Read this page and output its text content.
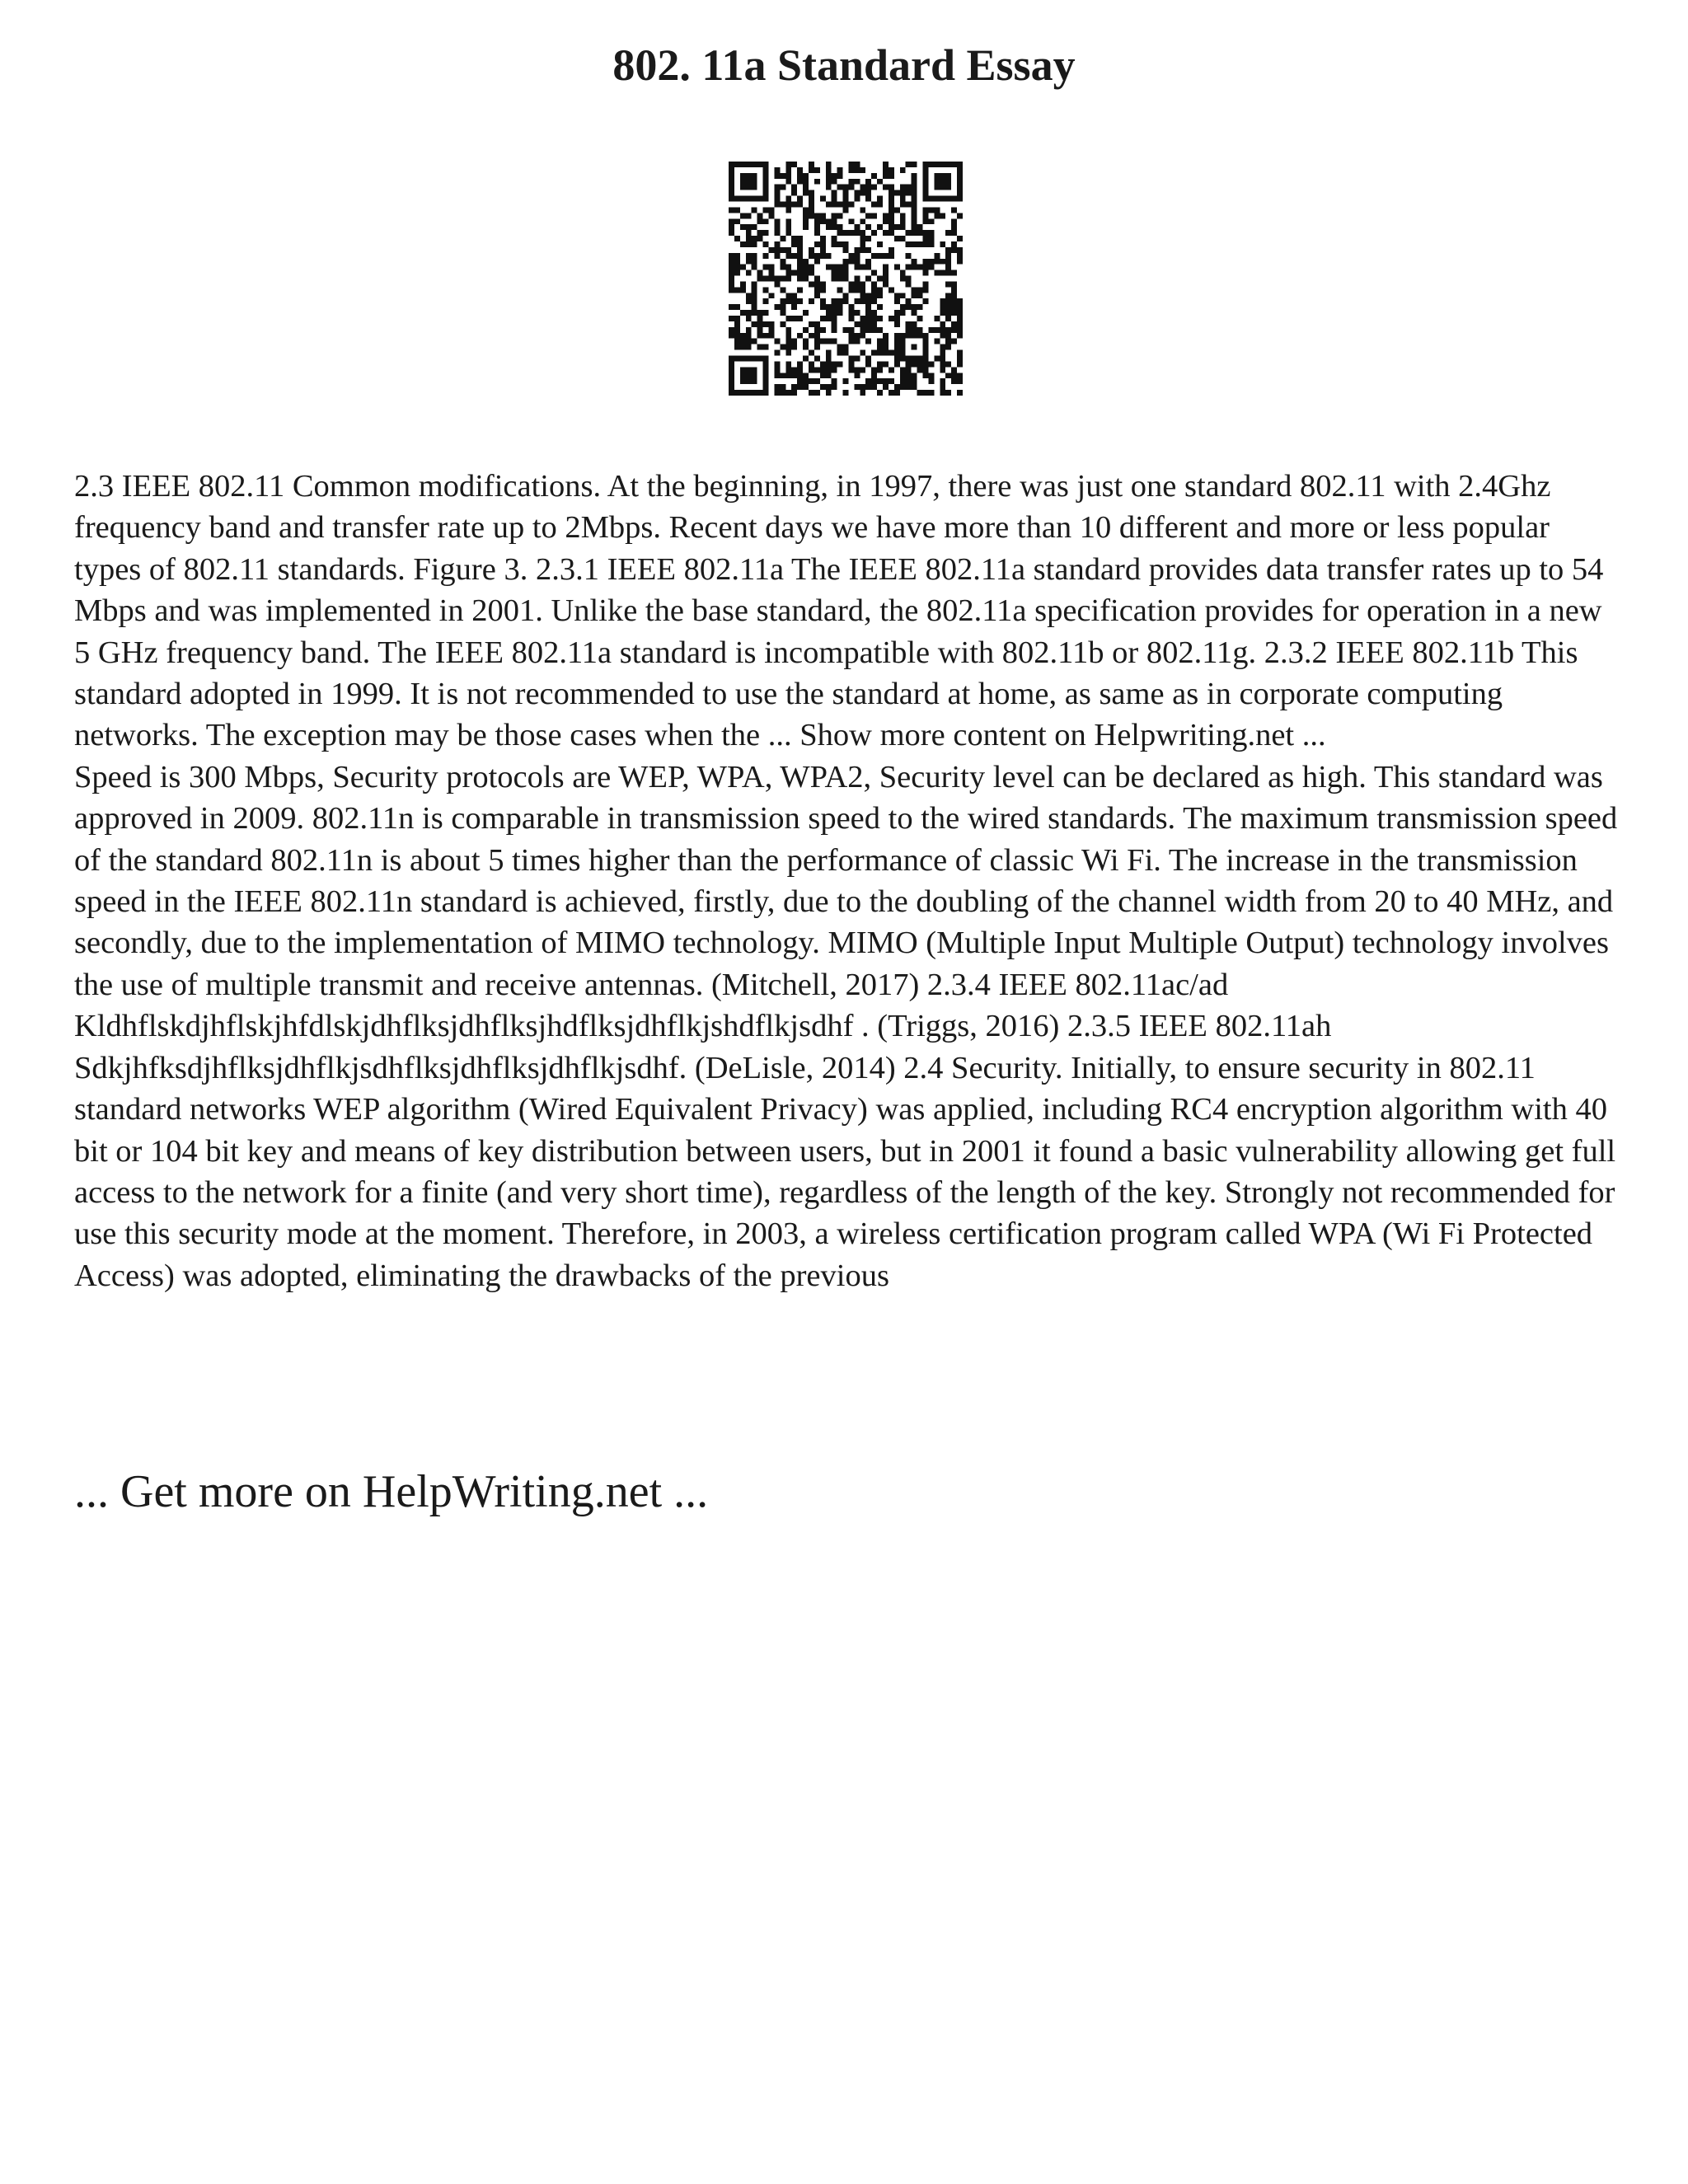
802. 11a Standard Essay

2.3 IEEE 802.11 Common modifications. At the beginning, in 1997, there was just one standard 802.11 with 2.4Ghz frequency band and transfer rate up to 2Mbps. Recent days we have more than 10 different and more or less popular types of 802.11 standards. Figure 3. 2.3.1 IEEE 802.11a The IEEE 802.11a standard provides data transfer rates up to 54 Mbps and was implemented in 2001. Unlike the base standard, the 802.11a specification provides for operation in a new 5 GHz frequency band. The IEEE 802.11a standard is incompatible with 802.11b or 802.11g. 2.3.2 IEEE 802.11b This standard adopted in 1999. It is not recommended to use the standard at home, as same as in corporate computing networks. The exception may be those cases when the ... Show more content on Helpwriting.net ...

Speed is 300 Mbps, Security protocols are WEP, WPA, WPA2, Security level can be declared as high. This standard was approved in 2009. 802.11n is comparable in transmission speed to the wired standards. The maximum transmission speed of the standard 802.11n is about 5 times higher than the performance of classic Wi Fi. The increase in the transmission speed in the IEEE 802.11n standard is achieved, firstly, due to the doubling of the channel width from 20 to 40 MHz, and secondly, due to the implementation of MIMO technology. MIMO (Multiple Input Multiple Output) technology involves the use of multiple transmit and receive antennas. (Mitchell, 2017) 2.3.4 IEEE 802.11ac/ad Kldhflskdjhflskjhfdlskjdhflksjdhflksjhdflksjdhflkjshdflkjsdhf . (Triggs, 2016) 2.3.5 IEEE 802.11ah Sdkjhfksdjhflksjdhflkjsdhflksjdhflksjdhflkjsdhf. (DeLisle, 2014) 2.4 Security. Initially, to ensure security in 802.11 standard networks WEP algorithm (Wired Equivalent Privacy) was applied, including RC4 encryption algorithm with 40 bit or 104 bit key and means of key distribution between users, but in 2001 it found a basic vulnerability allowing get full access to the network for a finite (and very short time), regardless of the length of the key. Strongly not recommended for use this security mode at the moment. Therefore, in 2003, a wireless certification program called WPA (Wi Fi Protected Access) was adopted, eliminating the drawbacks of the previous

... Get more on HelpWriting.net ...
